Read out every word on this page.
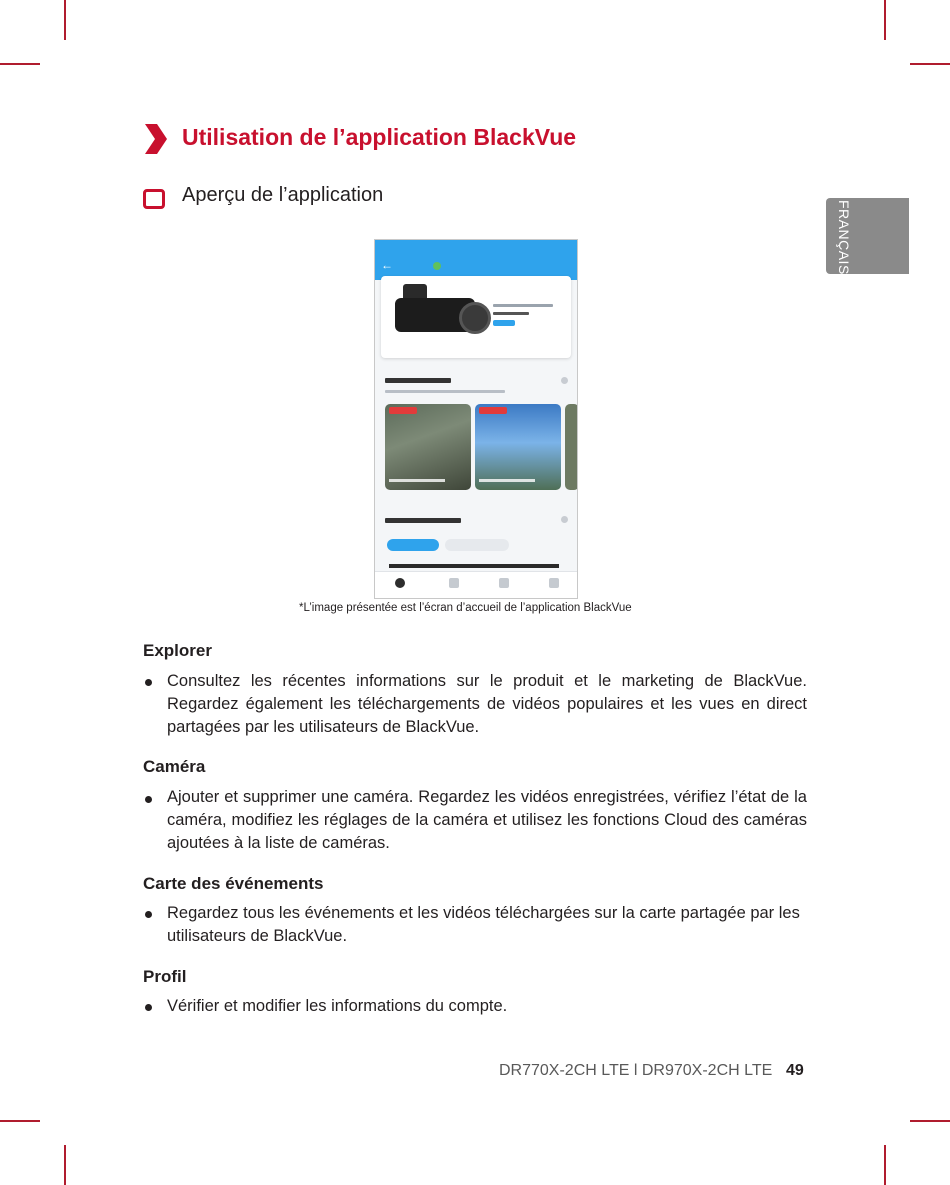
FRANÇAIS
Utilisation de l’application BlackVue
Aperçu de l’application
←
*L’image présentée est l’écran d’accueil de l’application BlackVue
Explorer

Consultez les récentes informations sur le produit et le marketing de BlackVue. Regardez également les téléchargements de vidéos populaires et les vues en direct partagées par les utilisateurs de BlackVue.

Caméra

Ajouter et supprimer une caméra. Regardez les vidéos enregistrées, vérifiez l’état de la caméra, modifiez les réglages de la caméra et utilisez les fonctions Cloud des caméras ajoutées à la liste de caméras.

Carte des événements

Regardez tous les événements et les vidéos téléchargées sur la carte partagée par les utilisateurs de BlackVue.

Profil

Vérifier et modifier les informations du compte.

DR770X-2CH LTE l DR970X-2CH LTE 49
